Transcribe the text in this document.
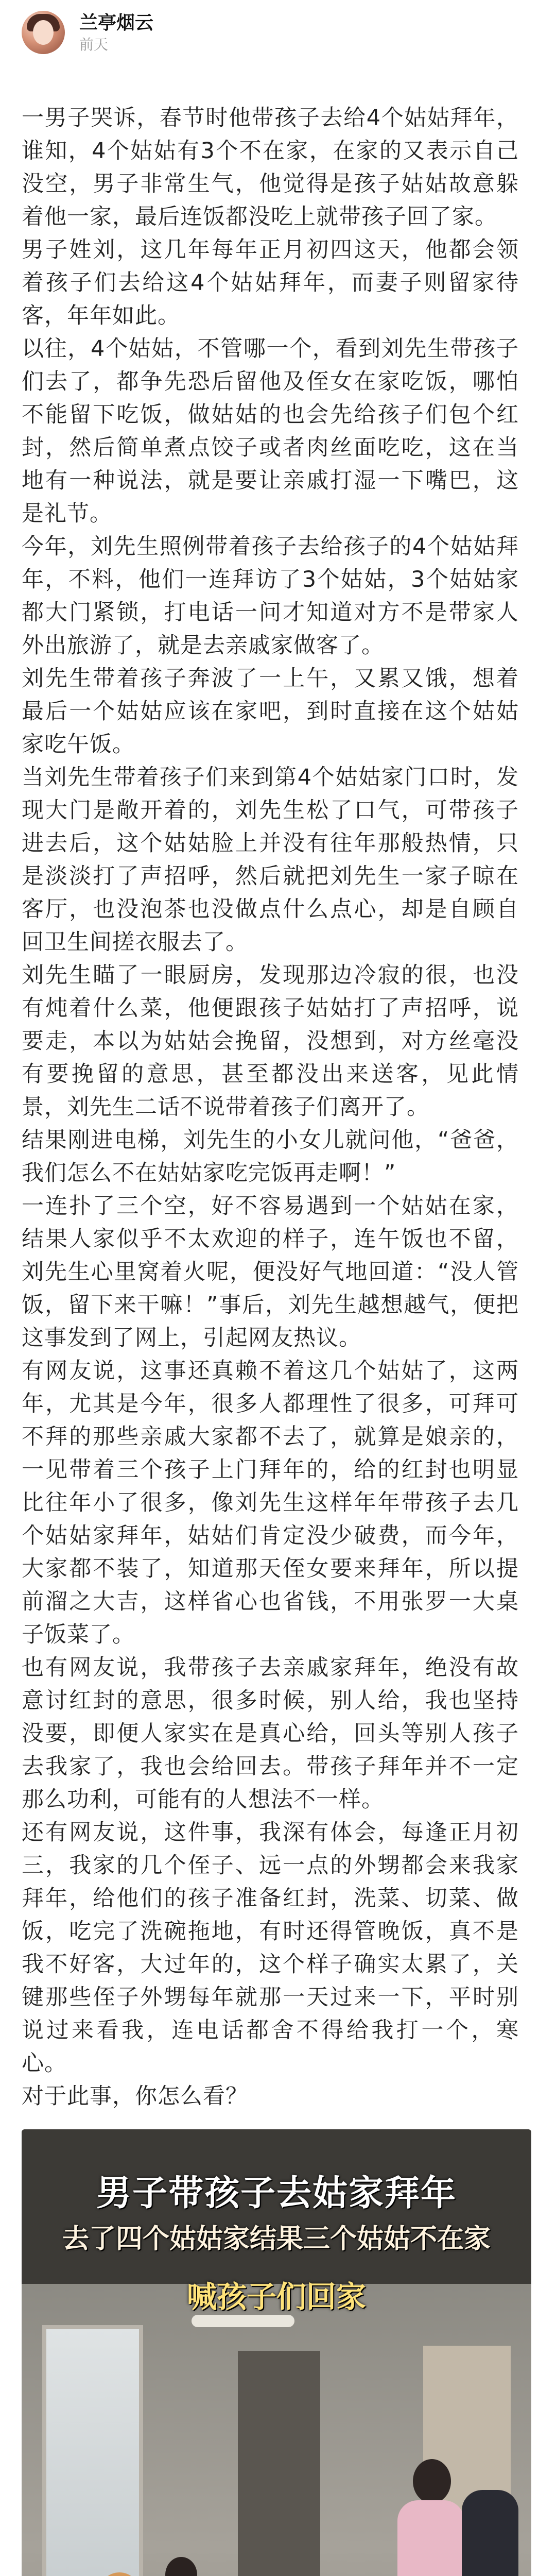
兰亭烟云
前天

一男子哭诉，春节时他带孩子去给4个姑姑拜年，谁知，4个姑姑有3个不在家，在家的又表示自己没空，男子非常生气，他觉得是孩子姑姑故意躲着他一家，最后连饭都没吃上就带孩子回了家。

男子姓刘，这几年每年正月初四这天，他都会领着孩子们去给这4个姑姑拜年，而妻子则留家待客，年年如此。

以往，4个姑姑，不管哪一个，看到刘先生带孩子们去了，都争先恐后留他及侄女在家吃饭，哪怕不能留下吃饭，做姑姑的也会先给孩子们包个红封，然后简单煮点饺子或者肉丝面吃吃，这在当地有一种说法，就是要让亲戚打湿一下嘴巴，这是礼节。

今年，刘先生照例带着孩子去给孩子的4个姑姑拜年，不料，他们一连拜访了3个姑姑，3个姑姑家都大门紧锁，打电话一问才知道对方不是带家人外出旅游了，就是去亲戚家做客了。

刘先生带着孩子奔波了一上午，又累又饿，想着最后一个姑姑应该在家吧，到时直接在这个姑姑家吃午饭。

当刘先生带着孩子们来到第4个姑姑家门口时，发现大门是敞开着的，刘先生松了口气，可带孩子进去后，这个姑姑脸上并没有往年那般热情，只是淡淡打了声招呼，然后就把刘先生一家子晾在客厅，也没泡茶也没做点什么点心，却是自顾自回卫生间搓衣服去了。

刘先生瞄了一眼厨房，发现那边冷寂的很，也没有炖着什么菜，他便跟孩子姑姑打了声招呼，说要走，本以为姑姑会挽留，没想到，对方丝毫没有要挽留的意思，甚至都没出来送客，见此情景，刘先生二话不说带着孩子们离开了。

结果刚进电梯，刘先生的小女儿就问他，“爸爸，我们怎么不在姑姑家吃完饭再走啊！”

一连扑了三个空，好不容易遇到一个姑姑在家，结果人家似乎不太欢迎的样子，连午饭也不留，刘先生心里窝着火呢，便没好气地回道：“没人管饭，留下来干嘛！”事后，刘先生越想越气，便把这事发到了网上，引起网友热议。

有网友说，这事还真赖不着这几个姑姑了，这两年，尤其是今年，很多人都理性了很多，可拜可不拜的那些亲戚大家都不去了，就算是娘亲的，一见带着三个孩子上门拜年的，给的红封也明显比往年小了很多，像刘先生这样年年带孩子去几个姑姑家拜年，姑姑们肯定没少破费，而今年，大家都不装了，知道那天侄女要来拜年，所以提前溜之大吉，这样省心也省钱，不用张罗一大桌子饭菜了。

也有网友说，我带孩子去亲戚家拜年，绝没有故意讨红封的意思，很多时候，别人给，我也坚持没要，即便人家实在是真心给，回头等别人孩子去我家了，我也会给回去。带孩子拜年并不一定那么功利，可能有的人想法不一样。

还有网友说，这件事，我深有体会，每逢正月初三，我家的几个侄子、远一点的外甥都会来我家拜年，给他们的孩子准备红封，洗菜、切菜、做饭，吃完了洗碗拖地，有时还得管晚饭，真不是我不好客，大过年的，这个样子确实太累了，关键那些侄子外甥每年就那一天过来一下，平时别说过来看我，连电话都舍不得给我打一个，寒心。

对于此事，你怎么看？

男子带孩子去姑家拜年
去了四个姑姑家结果三个姑姑不在家
喊孩子们回家
